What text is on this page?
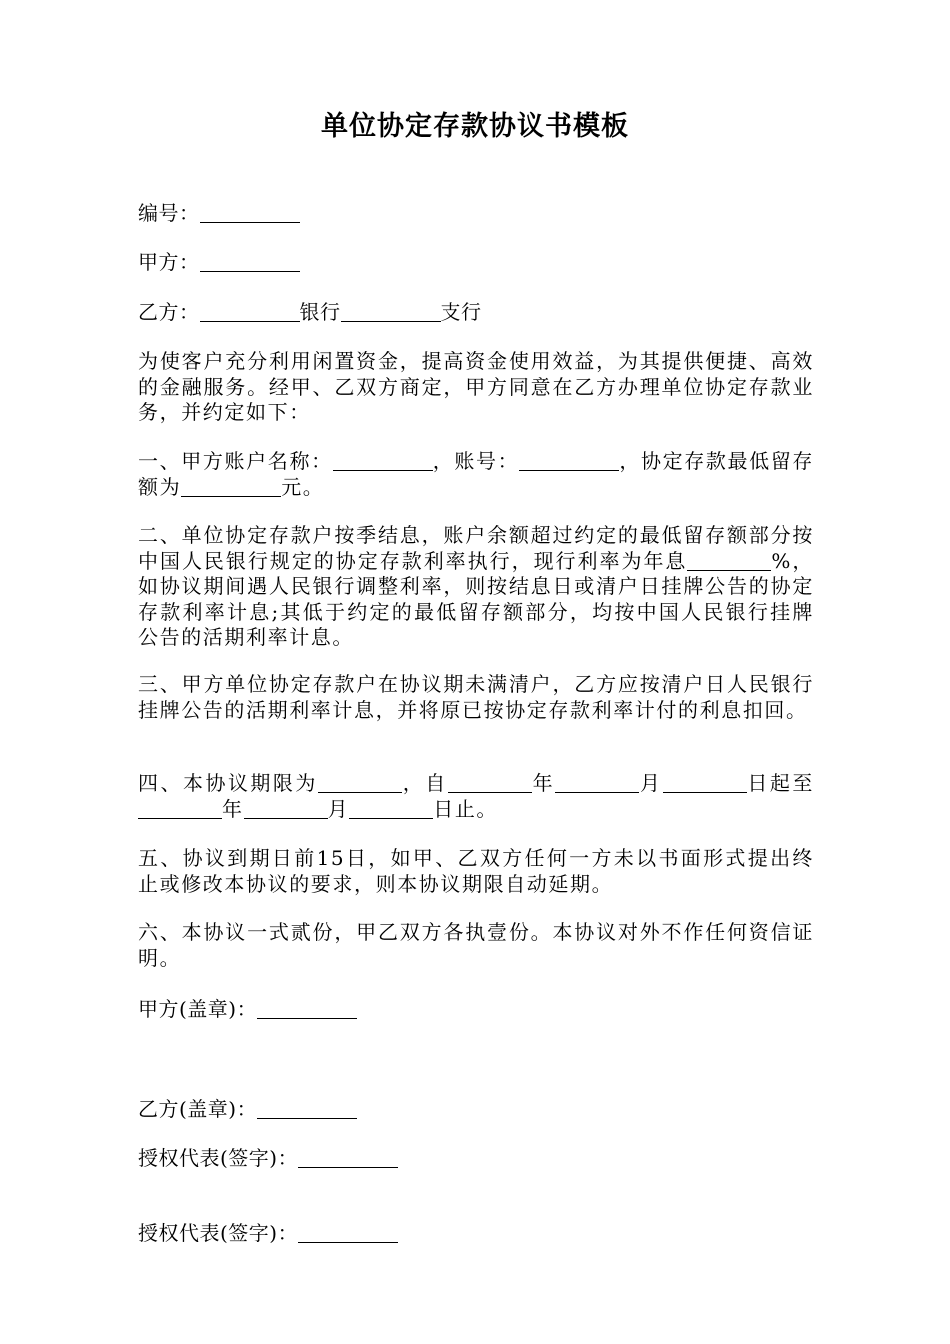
单位协定存款协议书模板
编号：
甲方：
乙方：	银行	支行
为使客户充分利用闲置资金，提高资金使用效益，为其提供便捷、高效的金融服务。经甲、乙双方商定，甲方同意在乙方办理单位协定存款业务，并约定如下：
一、甲方账户名称：	，账号：	，协定存款最低留存额为	元。
二、单位协定存款户按季结息，账户余额超过约定的最低留存额部分按中国人民银行规定的协定存款利率执行，现行利率为年息	%，如协议期间遇人民银行调整利率，则按结息日或清户日挂牌公告的协定存款利率计息;其低于约定的最低留存额部分，均按中国人民银行挂牌公告的活期利率计息。
三、甲方单位协定存款户在协议期未满清户，乙方应按清户日人民银行挂牌公告的活期利率计息，并将原已按协定存款利率计付的利息扣回。
四、本协议期限为	，自	年	月	日起至年	月	日止。
五、协议到期日前15日，如甲、乙双方任何一方未以书面形式提出终止或修改本协议的要求，则本协议期限自动延期。
六、本协议一式贰份，甲乙双方各执壹份。本协议对外不作任何资信证明。
甲方(盖章)：
乙方(盖章)：
授权代表(签字)：
授权代表(签字)：
